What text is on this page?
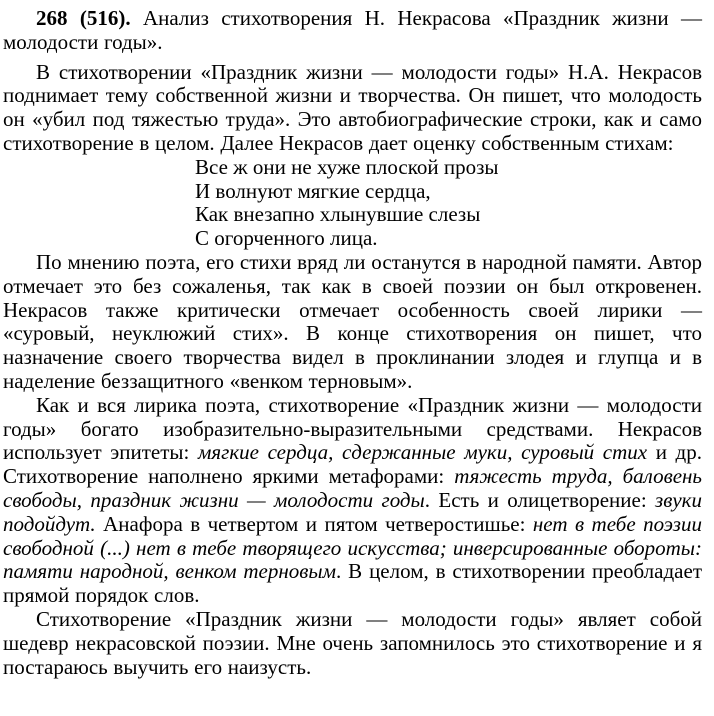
268 (516). Анализ стихотворения Н. Некрасова «Праздник жизни — молодости годы».

В стихотворении «Праздник жизни — молодости годы» Н.А. Некрасов поднимает тему собственной жизни и творчества. Он пишет, что молодость он «убил под тяжестью труда». Это автобиографические строки, как и само стихотворение в целом. Далее Некрасов дает оценку собственным стихам:

Все ж они не хуже плоской прозы
И волнуют мягкие сердца,
Как внезапно хлынувшие слезы
С огорченного лица.

По мнению поэта, его стихи вряд ли останутся в народной памяти. Автор отмечает это без сожаленья, так как в своей поэзии он был откровенен. Некрасов также критически отмечает особенность своей лирики — «суровый, неуклюжий стих». В конце стихотворения он пишет, что назначение своего творчества видел в проклинании злодея и глупца и в наделение беззащитного «венком терновым».

Как и вся лирика поэта, стихотворение «Праздник жизни — молодости годы» богато изобразительно-выразительными средствами. Некрасов использует эпитеты: мягкие сердца, сдержанные муки, суровый стих и др. Стихотворение наполнено яркими метафорами: тяжесть труда, баловень свободы, праздник жизни — молодости годы. Есть и олицетворение: звуки подойдут. Анафора в четвертом и пятом четверостишье: нет в тебе поэзии свободной (...) нет в тебе творящего искусства; инверсированные обороты: памяти народной, венком терновым. В целом, в стихотворении преобладает прямой порядок слов.

Стихотворение «Праздник жизни — молодости годы» являет собой шедевр некрасовской поэзии. Мне очень запомнилось это стихотворение и я постараюсь выучить его наизусть.
